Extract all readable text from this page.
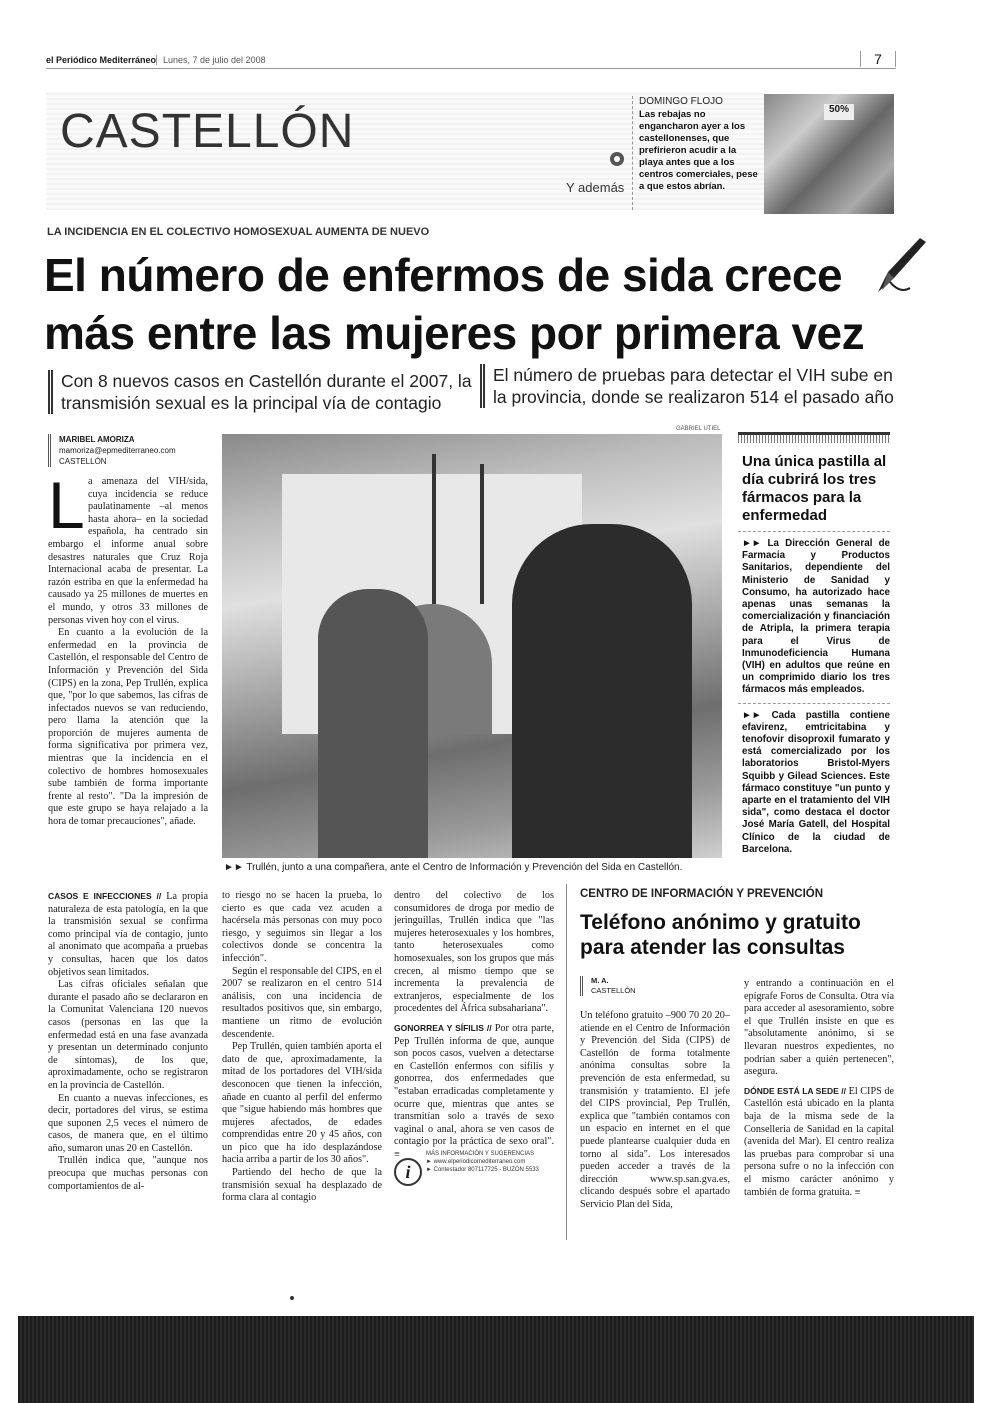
el Periódico Mediterráneo Lunes, 7 de julio del 2008	7
CASTELLÓN
Y además
DOMINGO FLOJO
Las rebajas no engancharon ayer a los castellonenses, que prefirieron acudir a la playa antes que a los centros comerciales, pese a que estos abrían.
50%
LA INCIDENCIA EN EL COLECTIVO HOMOSEXUAL AUMENTA DE NUEVO
El número de enfermos de sida crece
más entre las mujeres por primera vez
Con 8 nuevos casos en Castellón durante el 2007, la transmisión sexual es la principal vía de contagio
El número de pruebas para detectar el VIH sube en la provincia, donde se realizaron 514 el pasado año
MARIBEL AMORIZA
mamoriza@epmediterraneo.com
CASTELLÓN
L a amenaza del VIH/sida, cuya incidencia se reduce paulatinamente –al menos hasta ahora– en la sociedad española, ha centrado sin embargo el informe anual sobre desastres naturales que Cruz Roja Internacional acaba de presentar. La razón estriba en que la enfermedad ha causado ya 25 millones de muertes en el mundo, y otros 33 millones de personas viven hoy con el virus.

En cuanto a la evolución de la enfermedad en la provincia de Castellón, el responsable del Centro de Información y Prevención del Sida (CIPS) en la zona, Pep Trullén, explica que, "por lo que sabemos, las cifras de infectados nuevos se van reduciendo, pero llama la atención que la proporción de mujeres aumenta de forma significativa por primera vez, mientras que la incidencia en el colectivo de hombres homosexuales sube también de forma importante frente al resto". "Da la impresión de que este grupo se haya relajado a la hora de tomar precauciones", añade.

GABRIEL UTIEL
►► Trullén, junto a una compañera, ante el Centro de Información y Prevención del Sida en Castellón.
Una única pastilla al día cubrirá los tres fármacos para la enfermedad
►► La Dirección General de Farmacia y Productos Sanitarios, dependiente del Ministerio de Sanidad y Consumo, ha autorizado hace apenas unas semanas la comercialización y financiación de Atripla, la primera terapia para el Virus de Inmunodeficiencia Humana (VIH) en adultos que reúne en un comprimido diario los tres fármacos más empleados.
►► Cada pastilla contiene efavirenz, emtricitabina y tenofovir disoproxil fumarato y está comercializado por los laboratorios Bristol-Myers Squibb y Gilead Sciences. Este fármaco constituye "un punto y aparte en el tratamiento del VIH sida", como destaca el doctor José María Gatell, del Hospital Clínico de la ciudad de Barcelona.

CASOS E INFECCIONES // La propia naturaleza de esta patología, en la que la transmisión sexual se confirma como principal vía de contagio, junto al anonimato que acompaña a pruebas y consultas, hacen que los datos objetivos sean limitados.

Las cifras oficiales señalan que durante el pasado año se declararon en la Comunitat Valenciana 120 nuevos casos (personas en las que la enfermedad está en una fase avanzada y presentan un determinado conjunto de síntomas), de los que, aproximadamente, ocho se registraron en la provincia de Castellón.

En cuanto a nuevas infecciones, es decir, portadores del virus, se estima que suponen 2,5 veces el número de casos, de manera que, en el último año, sumaron unas 20 en Castellón.

Trullén indica que, "aunque nos preocupa que muchas personas con comportamientos de al-

to riesgo no se hacen la prueba, lo cierto es que cada vez acuden a hacérsela más personas con muy poco riesgo, y seguimos sin llegar a los colectivos donde se concentra la infección".

Según el responsable del CIPS, en el 2007 se realizaron en el centro 514 análisis, con una incidencia de resultados positivos que, sin embargo, mantiene un ritmo de evolución descendente.

Pep Trullén, quien también aporta el dato de que, aproximadamente, la mitad de los portadores del VIH/sida desconocen que tienen la infección, añade en cuanto al perfil del enfermo que "sigue habiendo más hombres que mujeres afectados, de edades comprendidas entre 20 y 45 años, con un pico que ha ido desplazándose hacia arriba a partir de los 30 años".

Partiendo del hecho de que la transmisión sexual ha desplazado de forma clara al contagio

dentro del colectivo de los consumidores de droga por medio de jeringuillas, Trullén indica que "las mujeres heterosexuales y los hombres, tanto heterosexuales como homosexuales, son los grupos que más crecen, al mismo tiempo que se incrementa la prevalencia de extranjeros, especialmente de los procedentes del África subsahariana".

GONORREA Y SÍFILIS // Por otra parte, Pep Trullén informa de que, aunque son pocos casos, vuelven a detectarse en Castellón enfermos con sífilis y gonorrea, dos enfermedades que "estaban erradicadas completamente y ocurre que, mientras que antes se transmitían solo a través de sexo vaginal o anal, ahora se ven casos de contagio por la práctica de sexo oral". ≡

i
MÁS INFORMACIÓN Y SUGERENCIAS
► www.elperiodicomediterraneo.com
► Contestador 807117725 - BUZÓN 5533
CENTRO DE INFORMACIÓN Y PREVENCIÓN
Teléfono anónimo y gratuito para atender las consultas
M. A.
CASTELLÓN

Un teléfono gratuito –900 70 20 20– atiende en el Centro de Información y Prevención del Sida (CIPS) de Castellón de forma totalmente anónima consultas sobre la prevención de esta enfermedad, su transmisión y tratamiento. El jefe del CIPS provincial, Pep Trullén, explica que "también contamos con un espacio en internet en el que puede plantearse cualquier duda en torno al sida". Los interesados pueden acceder a través de la dirección www.sp.san.gva.es, clicando después sobre el apartado Servicio Plan del Sida,

y entrando a continuación en el epígrafe Foros de Consulta. Otra vía para acceder al asesoramiento, sobre el que Trullén insiste en que es "absolutamente anónimo, si se llevaran nuestros expedientes, no podrían saber a quién pertenecen", asegura.

DÓNDE ESTÁ LA SEDE // El CIPS de Castellón está ubicado en la planta baja de la misma sede de la Conselleria de Sanidad en la capital (avenida del Mar). El centro realiza las pruebas para comprobar si una persona sufre o no la infección con el mismo carácter anónimo y también de forma gratuita. ≡
